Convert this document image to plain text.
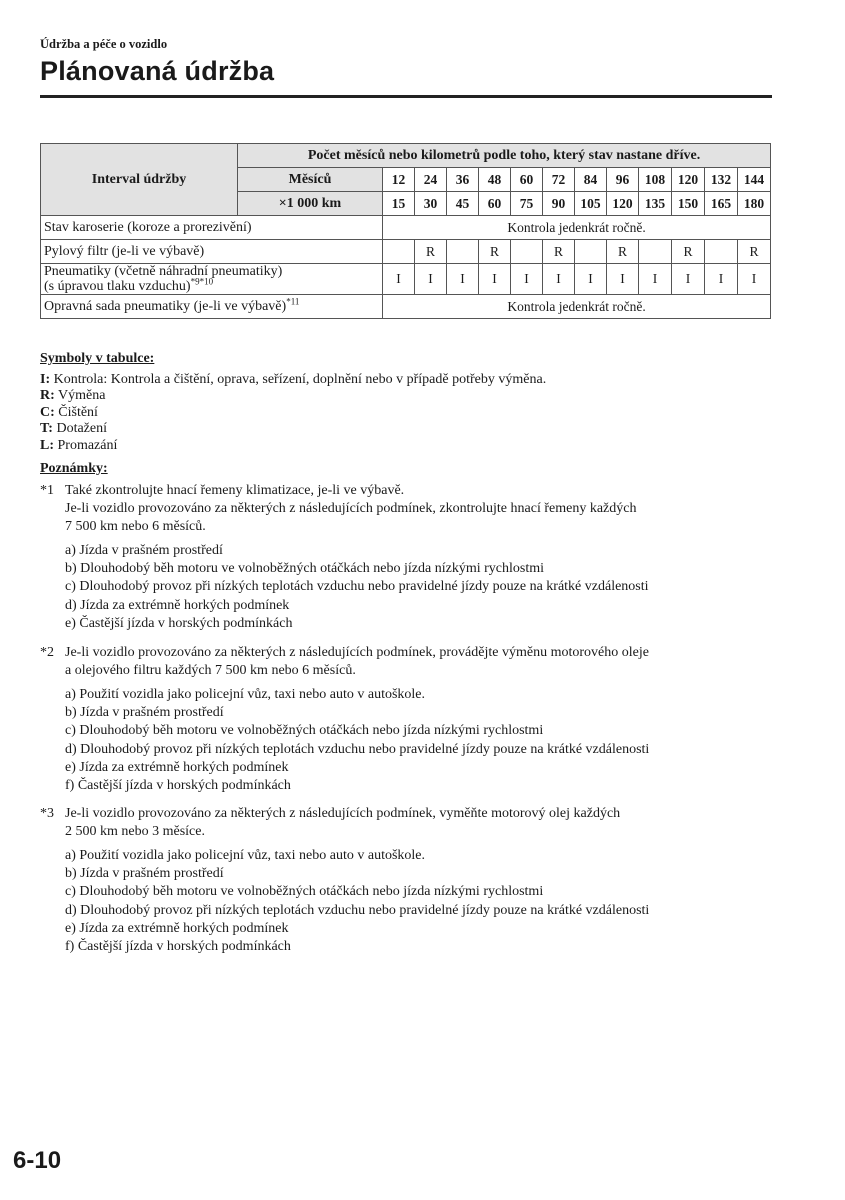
Údržba a péče o vozidlo
Plánovaná údržba
Interval údržby	Počet měsíců nebo kilometrů podle toho, který stav nastane dříve.												
	Měsíců	12	24	36	48	60	72	84	96	108	120	132	144
	×1 000 km	15	30	45	60	75	90	105	120	135	150	165	180
Stav karoserie (koroze a prorezivění)		Kontrola jedenkrát ročně.											
Pylový filtr (je-li ve výbavě)			R		R		R		R		R		R

Pneumatiky (včetně náhradní pneumatiky)
(s úpravou tlaku vzduchu)$^{*9*10}$		I	I	I	I	I	I	I	I	I	I	I	I
Opravná sada pneumatiky (je-li ve výbavě)$^{*11}$		Kontrola jedenkrát ročně.											
Symboly v tabulce:
I: Kontrola: Kontrola a čištění, oprava, seřízení, doplnění nebo v případě potřeby výměna.
R: Výměna
C: Čištění
T: Dotažení
L: Promazání
Poznámky:
*1 Také zkontrolujte hnací řemeny klimatizace, je-li ve výbavě.
Je-li vozidlo provozováno za některých z následujících podmínek, zkontrolujte hnací řemeny každých
7 500 km nebo 6 měsíců.
a) Jízda v prašném prostředí
b) Dlouhodobý běh motoru ve volnoběžných otáčkách nebo jízda nízkými rychlostmi
c) Dlouhodobý provoz při nízkých teplotách vzduchu nebo pravidelné jízdy pouze na krátké vzdálenosti
d) Jízda za extrémně horkých podmínek
e) Častější jízda v horských podmínkách
*2 Je-li vozidlo provozováno za některých z následujících podmínek, provádějte výměnu motorového oleje
a olejového filtru každých 7 500 km nebo 6 měsíců.
a) Použití vozidla jako policejní vůz, taxi nebo auto v autoškole.
b) Jízda v prašném prostředí
c) Dlouhodobý běh motoru ve volnoběžných otáčkách nebo jízda nízkými rychlostmi
d) Dlouhodobý provoz při nízkých teplotách vzduchu nebo pravidelné jízdy pouze na krátké vzdálenosti
e) Jízda za extrémně horkých podmínek
f) Častější jízda v horských podmínkách
*3 Je-li vozidlo provozováno za některých z následujících podmínek, vyměňte motorový olej každých
2 500 km nebo 3 měsíce.
a) Použití vozidla jako policejní vůz, taxi nebo auto v autoškole.
b) Jízda v prašném prostředí
c) Dlouhodobý běh motoru ve volnoběžných otáčkách nebo jízda nízkými rychlostmi
d) Dlouhodobý provoz při nízkých teplotách vzduchu nebo pravidelné jízdy pouze na krátké vzdálenosti
e) Jízda za extrémně horkých podmínek
f) Častější jízda v horských podmínkách
6-10
